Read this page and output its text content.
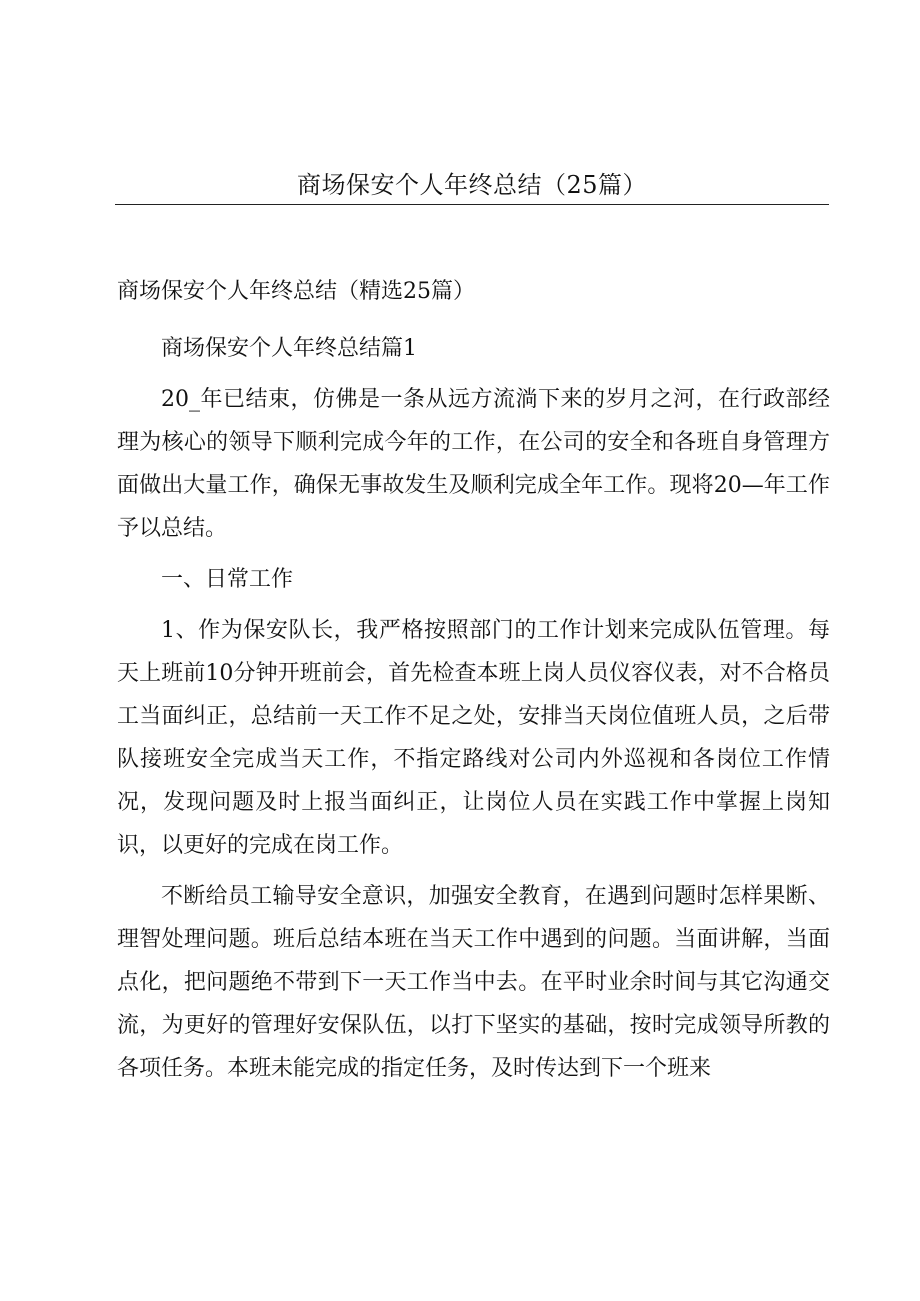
商场保安个人年终总结（25篇）

商场保安个人年终总结（精选25篇）

商场保安个人年终总结篇1

20_年已结束，仿佛是一条从远方流淌下来的岁月之河，在行政部经理为核心的领导下顺利完成今年的工作，在公司的安全和各班自身管理方面做出大量工作，确保无事故发生及顺利完成全年工作。现将20—年工作予以总结。

一、日常工作

1、作为保安队长，我严格按照部门的工作计划来完成队伍管理。每天上班前10分钟开班前会，首先检查本班上岗人员仪容仪表，对不合格员工当面纠正，总结前一天工作不足之处，安排当天岗位值班人员，之后带队接班安全完成当天工作，不指定路线对公司内外巡视和各岗位工作情况，发现问题及时上报当面纠正，让岗位人员在实践工作中掌握上岗知识，以更好的完成在岗工作。

不断给员工输导安全意识，加强安全教育，在遇到问题时怎样果断、理智处理问题。班后总结本班在当天工作中遇到的问题。当面讲解，当面点化，把问题绝不带到下一天工作当中去。在平时业余时间与其它沟通交流，为更好的管理好安保队伍，以打下坚实的基础，按时完成领导所教的各项任务。本班未能完成的指定任务，及时传达到下一个班来
